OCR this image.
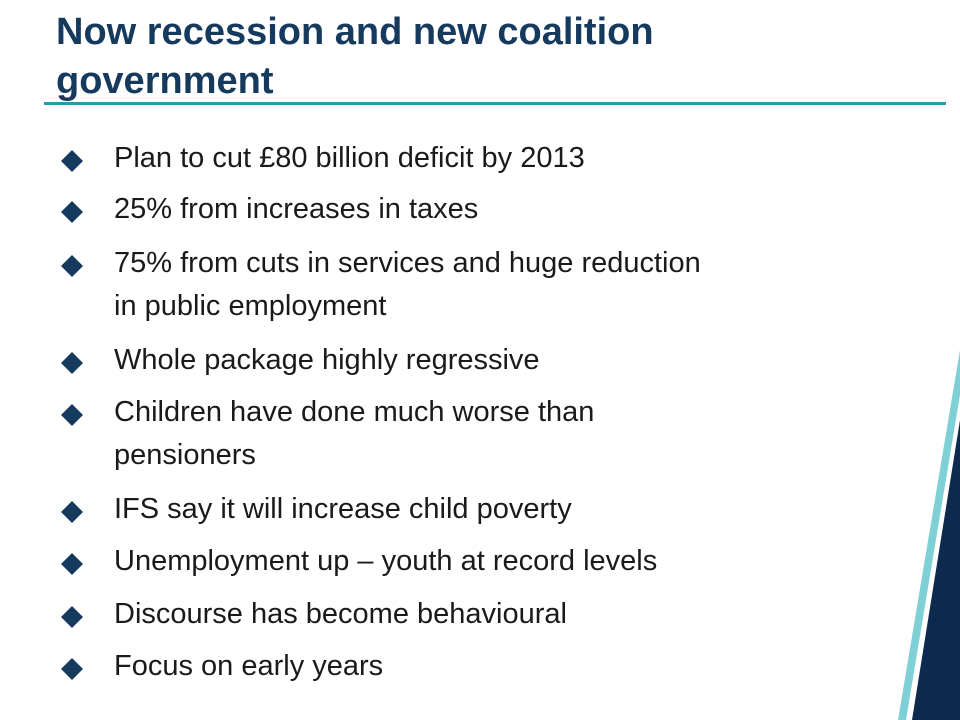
Now recession and new coalition
government
Plan to cut £80 billion deficit by 2013
25% from increases in taxes
75% from cuts in services and huge reduction
in public employment
Whole package highly regressive
Children have done much worse than
pensioners
IFS say it will increase child poverty
Unemployment up – youth at record levels
Discourse has become behavioural
Focus on early years
